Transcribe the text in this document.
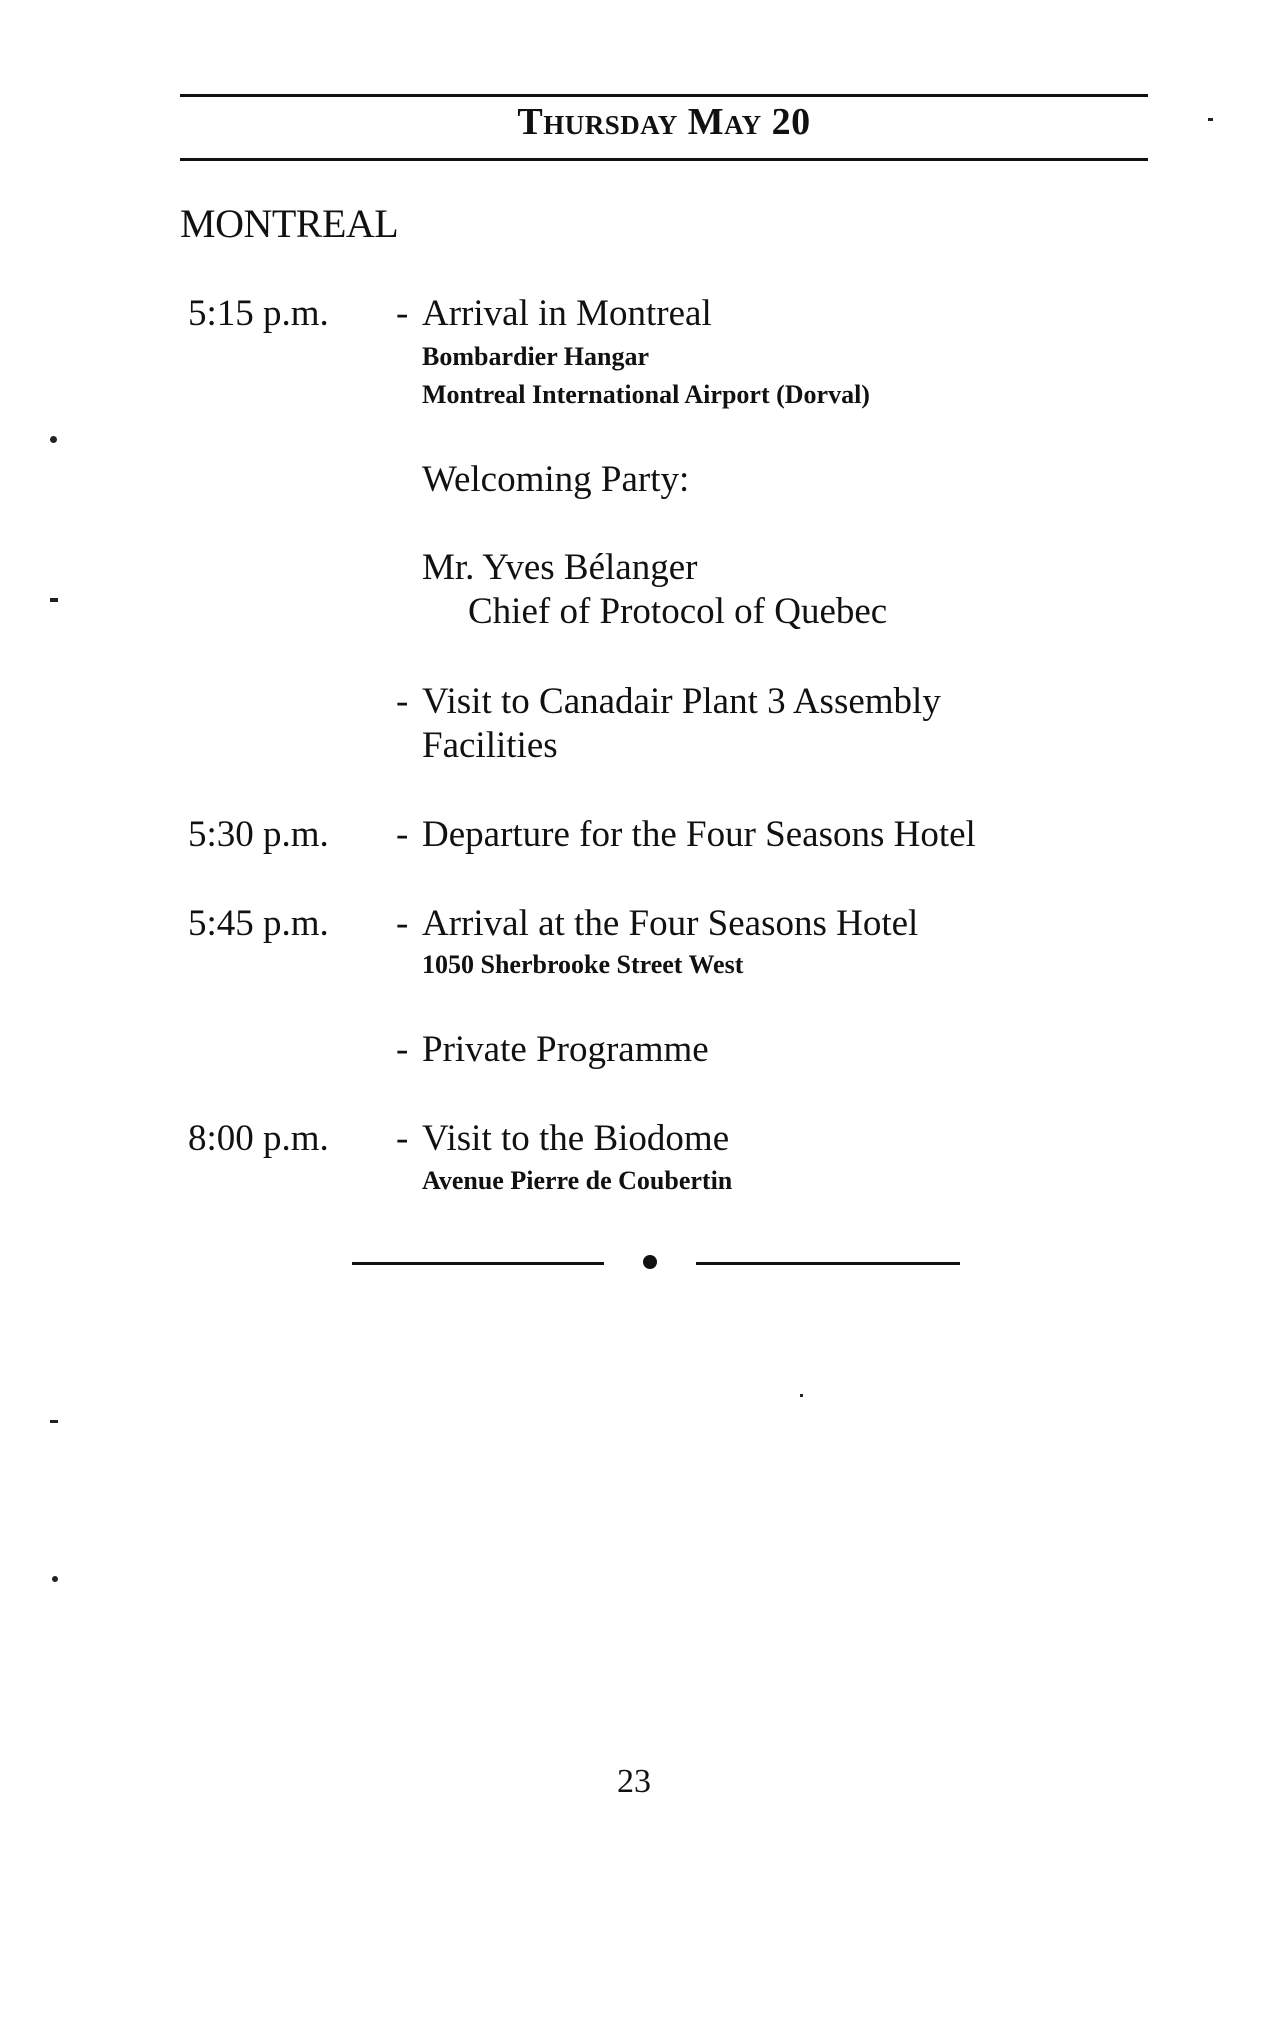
Thursday May 20
MONTREAL
5:15 p.m. - Arrival in Montreal
Bombardier Hangar
Montreal International Airport (Dorval)
Welcoming Party:
Mr. Yves Bélanger
Chief of Protocol of Quebec
- Visit to Canadair Plant 3 Assembly
Facilities
5:30 p.m. - Departure for the Four Seasons Hotel
5:45 p.m. - Arrival at the Four Seasons Hotel
1050 Sherbrooke Street West
- Private Programme
8:00 p.m. - Visit to the Biodome
Avenue Pierre de Coubertin
23
